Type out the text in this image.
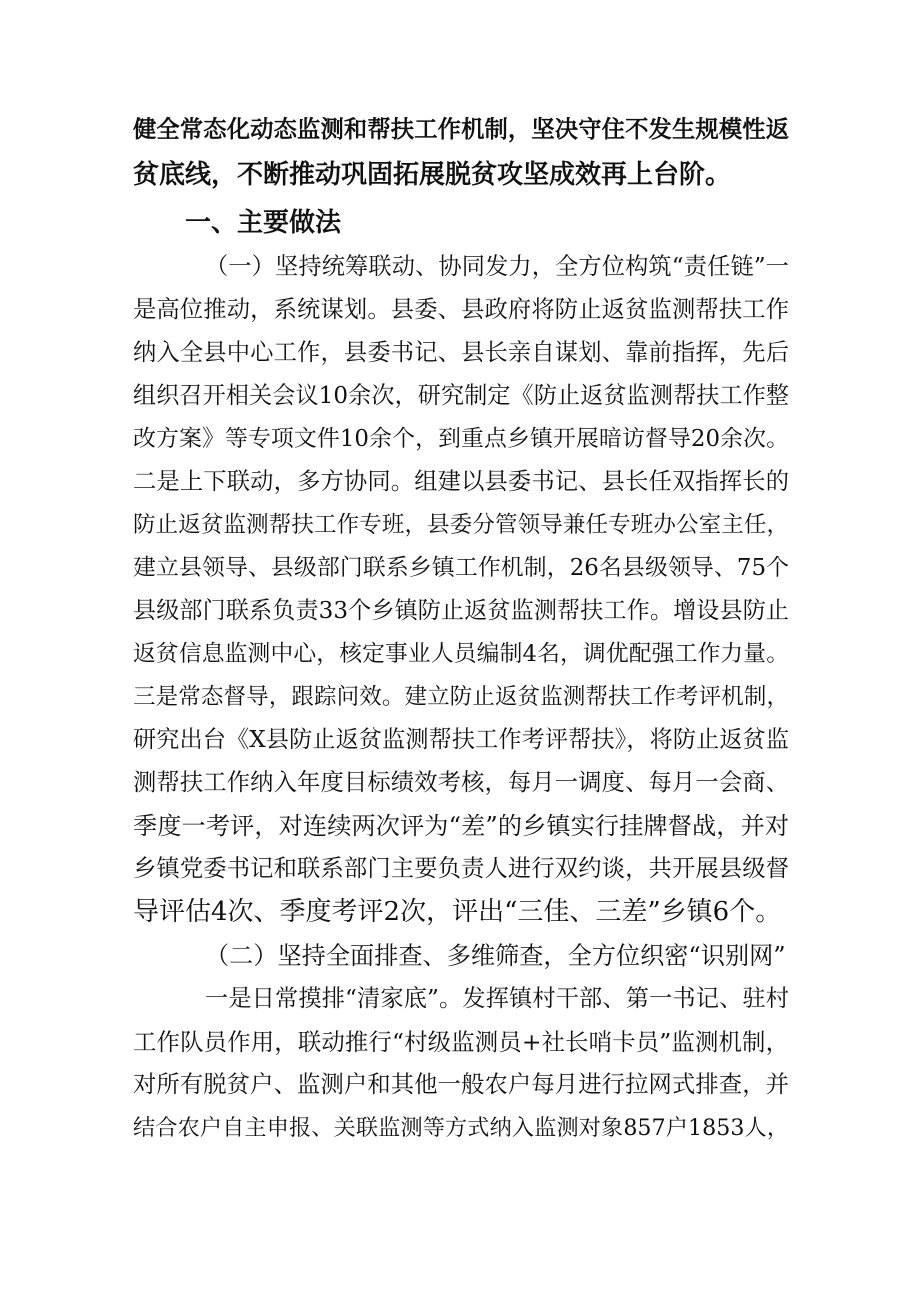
健全常态化动态监测和帮扶工作机制，坚决守住不发生规模性返
贫底线，不断推动巩固拓展脱贫攻坚成效再上台阶。
一、主要做法
（一）坚持统筹联动、协同发力，全方位构筑“责任链”一
是高位推动，系统谋划。县委、县政府将防止返贫监测帮扶工作
纳入全县中心工作，县委书记、县长亲自谋划、靠前指挥，先后
组织召开相关会议10余次，研究制定《防止返贫监测帮扶工作整
改方案》等专项文件10余个，到重点乡镇开展暗访督导20余次。
二是上下联动，多方协同。组建以县委书记、县长任双指挥长的
防止返贫监测帮扶工作专班，县委分管领导兼任专班办公室主任，
建立县领导、县级部门联系乡镇工作机制，26名县级领导、75个
县级部门联系负责33个乡镇防止返贫监测帮扶工作。增设县防止
返贫信息监测中心，核定事业人员编制4名，调优配强工作力量。
三是常态督导，跟踪问效。建立防止返贫监测帮扶工作考评机制，
研究出台《X县防止返贫监测帮扶工作考评帮扶》，将防止返贫监
测帮扶工作纳入年度目标绩效考核，每月一调度、每月一会商、
季度一考评，对连续两次评为“差”的乡镇实行挂牌督战，并对
乡镇党委书记和联系部门主要负责人进行双约谈，共开展县级督
导评估4次、季度考评2次，评出“三佳、三差”乡镇6个。
（二）坚持全面排查、多维筛查，全方位织密“识别网”
一是日常摸排“清家底”。发挥镇村干部、第一书记、驻村
工作队员作用，联动推行“村级监测员+社长哨卡员”监测机制，
对所有脱贫户、监测户和其他一般农户每月进行拉网式排查，并
结合农户自主申报、关联监测等方式纳入监测对象857户1853人，
